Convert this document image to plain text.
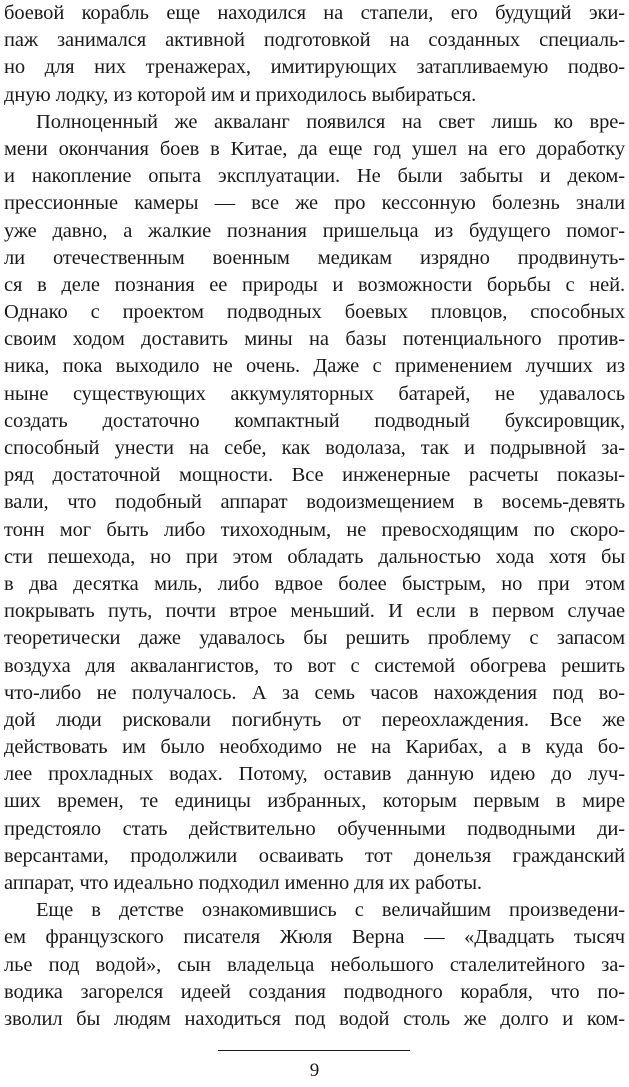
боевой корабль еще находился на стапели, его будущий эки-
паж занимался активной подготовкой на созданных специаль-
но для них тренажерах, имитирующих затапливаемую подво-
дную лодку, из которой им и приходилось выбираться.
Полноценный же акваланг появился на свет лишь ко вре-
мени окончания боев в Китае, да еще год ушел на его доработку
и накопление опыта эксплуатации. Не были забыты и деком-
прессионные камеры — все же про кессонную болезнь знали
уже давно, а жалкие познания пришельца из будущего помог-
ли отечественным военным медикам изрядно продвинуть-
ся в деле познания ее природы и возможности борьбы с ней.
Однако с проектом подводных боевых пловцов, способных
своим ходом доставить мины на базы потенциального против-
ника, пока выходило не очень. Даже с применением лучших из
ныне существующих аккумуляторных батарей, не удавалось
создать достаточно компактный подводный буксировщик,
способный унести на себе, как водолаза, так и подрывной за-
ряд достаточной мощности. Все инженерные расчеты показы-
вали, что подобный аппарат водоизмещением в восемь-девять
тонн мог быть либо тихоходным, не превосходящим по скоро-
сти пешехода, но при этом обладать дальностью хода хотя бы
в два десятка миль, либо вдвое более быстрым, но при этом
покрывать путь, почти втрое меньший. И если в первом случае
теоретически даже удавалось бы решить проблему с запасом
воздуха для аквалангистов, то вот с системой обогрева решить
что-либо не получалось. А за семь часов нахождения под во-
дой люди рисковали погибнуть от переохлаждения. Все же
действовать им было необходимо не на Карибах, а в куда бо-
лее прохладных водах. Потому, оставив данную идею до луч-
ших времен, те единицы избранных, которым первым в мире
предстояло стать действительно обученными подводными ди-
версантами, продолжили осваивать тот донельзя гражданский
аппарат, что идеально подходил именно для их работы.
Еще в детстве ознакомившись с величайшим произведени-
ем французского писателя Жюля Верна — «Двадцать тысяч
лье под водой», сын владельца небольшого сталелитейного за-
водика загорелся идеей создания подводного корабля, что по-
зволил бы людям находиться под водой столь же долго и ком-
9
